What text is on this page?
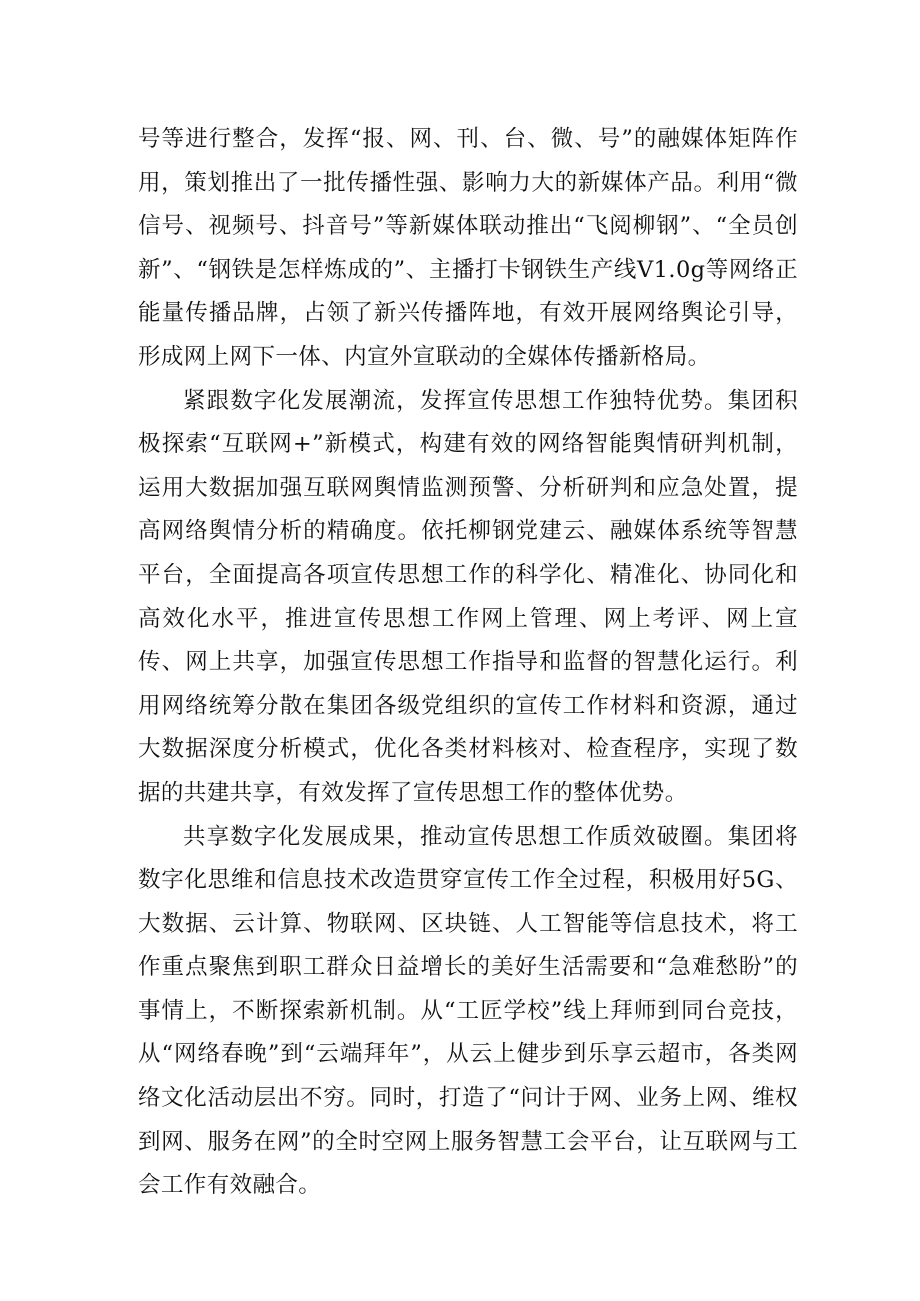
号等进行整合，发挥“报、网、刊、台、微、号”的融媒体矩阵作用，策划推出了一批传播性强、影响力大的新媒体产品。利用“微信号、视频号、抖音号”等新媒体联动推出“飞阅柳钢”、“全员创新”、“钢铁是怎样炼成的”、主播打卡钢铁生产线V1.0g等网络正能量传播品牌，占领了新兴传播阵地，有效开展网络舆论引导，形成网上网下一体、内宣外宣联动的全媒体传播新格局。

紧跟数字化发展潮流，发挥宣传思想工作独特优势。集团积极探索“互联网+”新模式，构建有效的网络智能舆情研判机制，运用大数据加强互联网舆情监测预警、分析研判和应急处置，提高网络舆情分析的精确度。依托柳钢党建云、融媒体系统等智慧平台，全面提高各项宣传思想工作的科学化、精准化、协同化和高效化水平，推进宣传思想工作网上管理、网上考评、网上宣传、网上共享，加强宣传思想工作指导和监督的智慧化运行。利用网络统筹分散在集团各级党组织的宣传工作材料和资源，通过大数据深度分析模式，优化各类材料核对、检查程序，实现了数据的共建共享，有效发挥了宣传思想工作的整体优势。

共享数字化发展成果，推动宣传思想工作质效破圈。集团将数字化思维和信息技术改造贯穿宣传工作全过程，积极用好5G、大数据、云计算、物联网、区块链、人工智能等信息技术，将工作重点聚焦到职工群众日益增长的美好生活需要和“急难愁盼”的事情上，不断探索新机制。从“工匠学校”线上拜师到同台竞技，从“网络春晚”到“云端拜年”，从云上健步到乐享云超市，各类网络文化活动层出不穷。同时，打造了“问计于网、业务上网、维权到网、服务在网”的全时空网上服务智慧工会平台，让互联网与工会工作有效融合。
